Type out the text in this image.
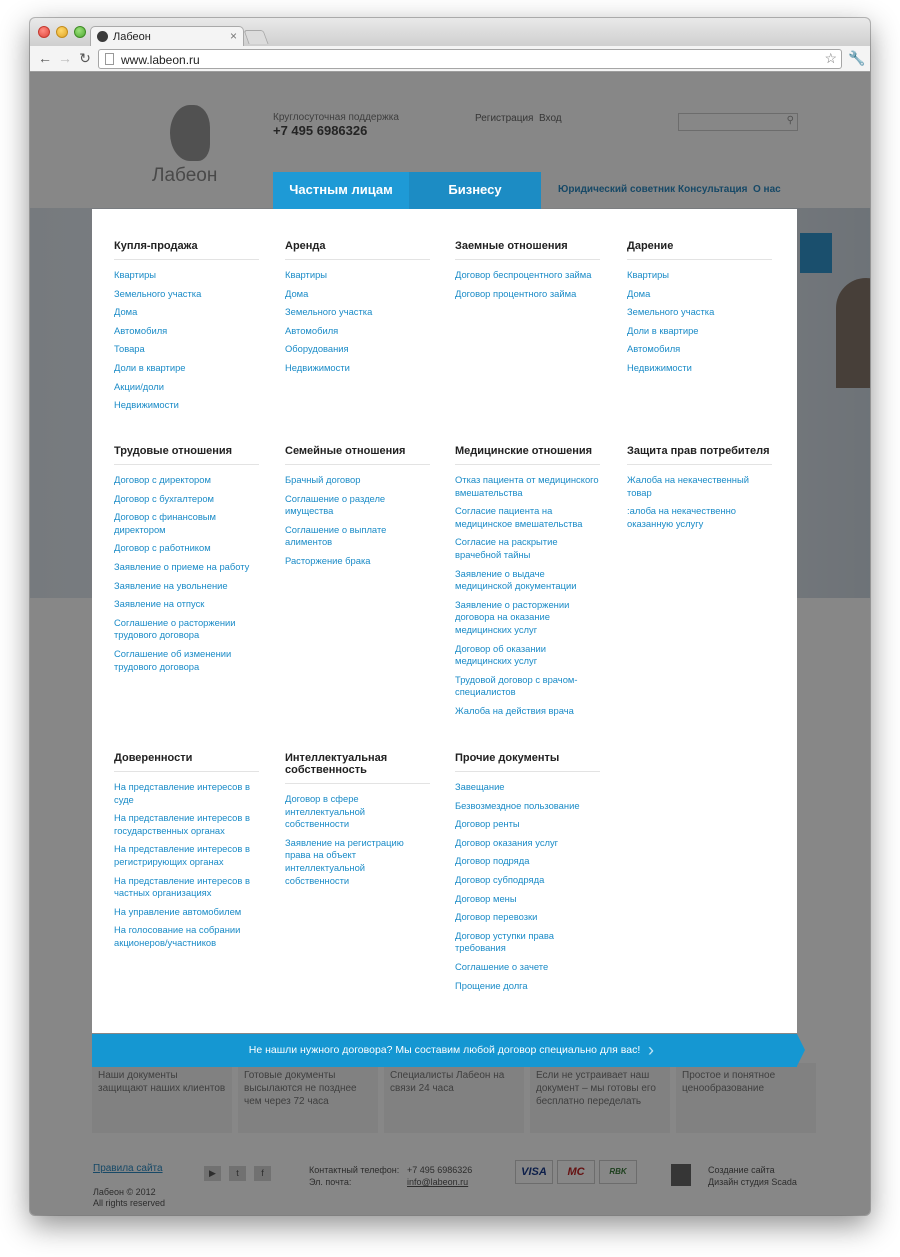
Лабеон	×
← → ↻	www.labeon.ru	☆ 🔧
Лабеон
Круглосуточная поддержка
+7 495 6986326
Регистрация Вход	⚲
Юридический советник Консультация О нас
Наши документы защищают наших клиентов
Готовые документы высылаются не позднее чем через 72 часа
Специалисты Лабеон на связи 24 часа
Если не устраивает наш документ – мы готовы его бесплатно переделать
Простое и понятное ценообразование
Правила сайта
Лабеон © 2012
All rights reserved
▶	t	f	Контактный телефон:
Эл. почта:
+7 495 6986326
info@labeon.ru
VISA	MC	RBK	Создание сайта
Дизайн студия Scada
Частным лицам	Бизнесу
Купля-продажа
Квартиры
Земельного участка
Дома
Автомобиля
Товара
Доли в квартире
Акции/доли
Недвижимости
Аренда
Квартиры
Дома
Земельного участка
Автомобиля
Оборудования
Недвижимости
Заемные отношения
Договор беспроцентного займа
Договор процентного займа
Дарение
Квартиры
Дома
Земельного участка
Доли в квартире
Автомобиля
Недвижимости
Трудовые отношения
Договор с директором
Договор с бухгалтером
Договор с финансовым директором
Договор с работником
Заявление о приеме на работу
Заявление на увольнение
Заявление на отпуск
Соглашение о расторжении трудового договора
Соглашение об изменении трудового договора
Семейные отношения
Брачный договор
Соглашение о разделе имущества
Соглашение о выплате алиментов
Расторжение брака
Медицинские отношения
Отказ пациента от медицинского вмешательства
Согласие пациента на медицинское вмешательства
Согласие на раскрытие врачебной тайны
Заявление о выдаче медицинской документации
Заявление о расторжении договора на оказание медицинских услуг
Договор об оказании медицинских услуг
Трудовой договор с врачом-специалистов
Жалоба на действия врача
Защита прав потребителя
Жалоба на некачественный товар
:алоба на некачественно оказанную услугу
Доверенности
На представление интересов в суде
На представление интересов в государственных органах
На представление интересов в регистрирующих органах
На представление интересов в частных организациях
На управление автомобилем
На голосование на собрании акционеров/участников
Интеллектуальная собственность
Договор в сфере интеллектуальной собственности
Заявление на регистрацию права на объект интеллектуальной собственности
Прочие документы
Завещание
Безвозмездное пользование
Договор ренты
Договор оказания услуг
Договор подряда
Договор субподряда
Договор мены
Договор перевозки
Договор уступки права требования
Соглашение о зачете
Прощение долга
Не нашли нужного договора? Мы составим любой договор специально для вас! ›
